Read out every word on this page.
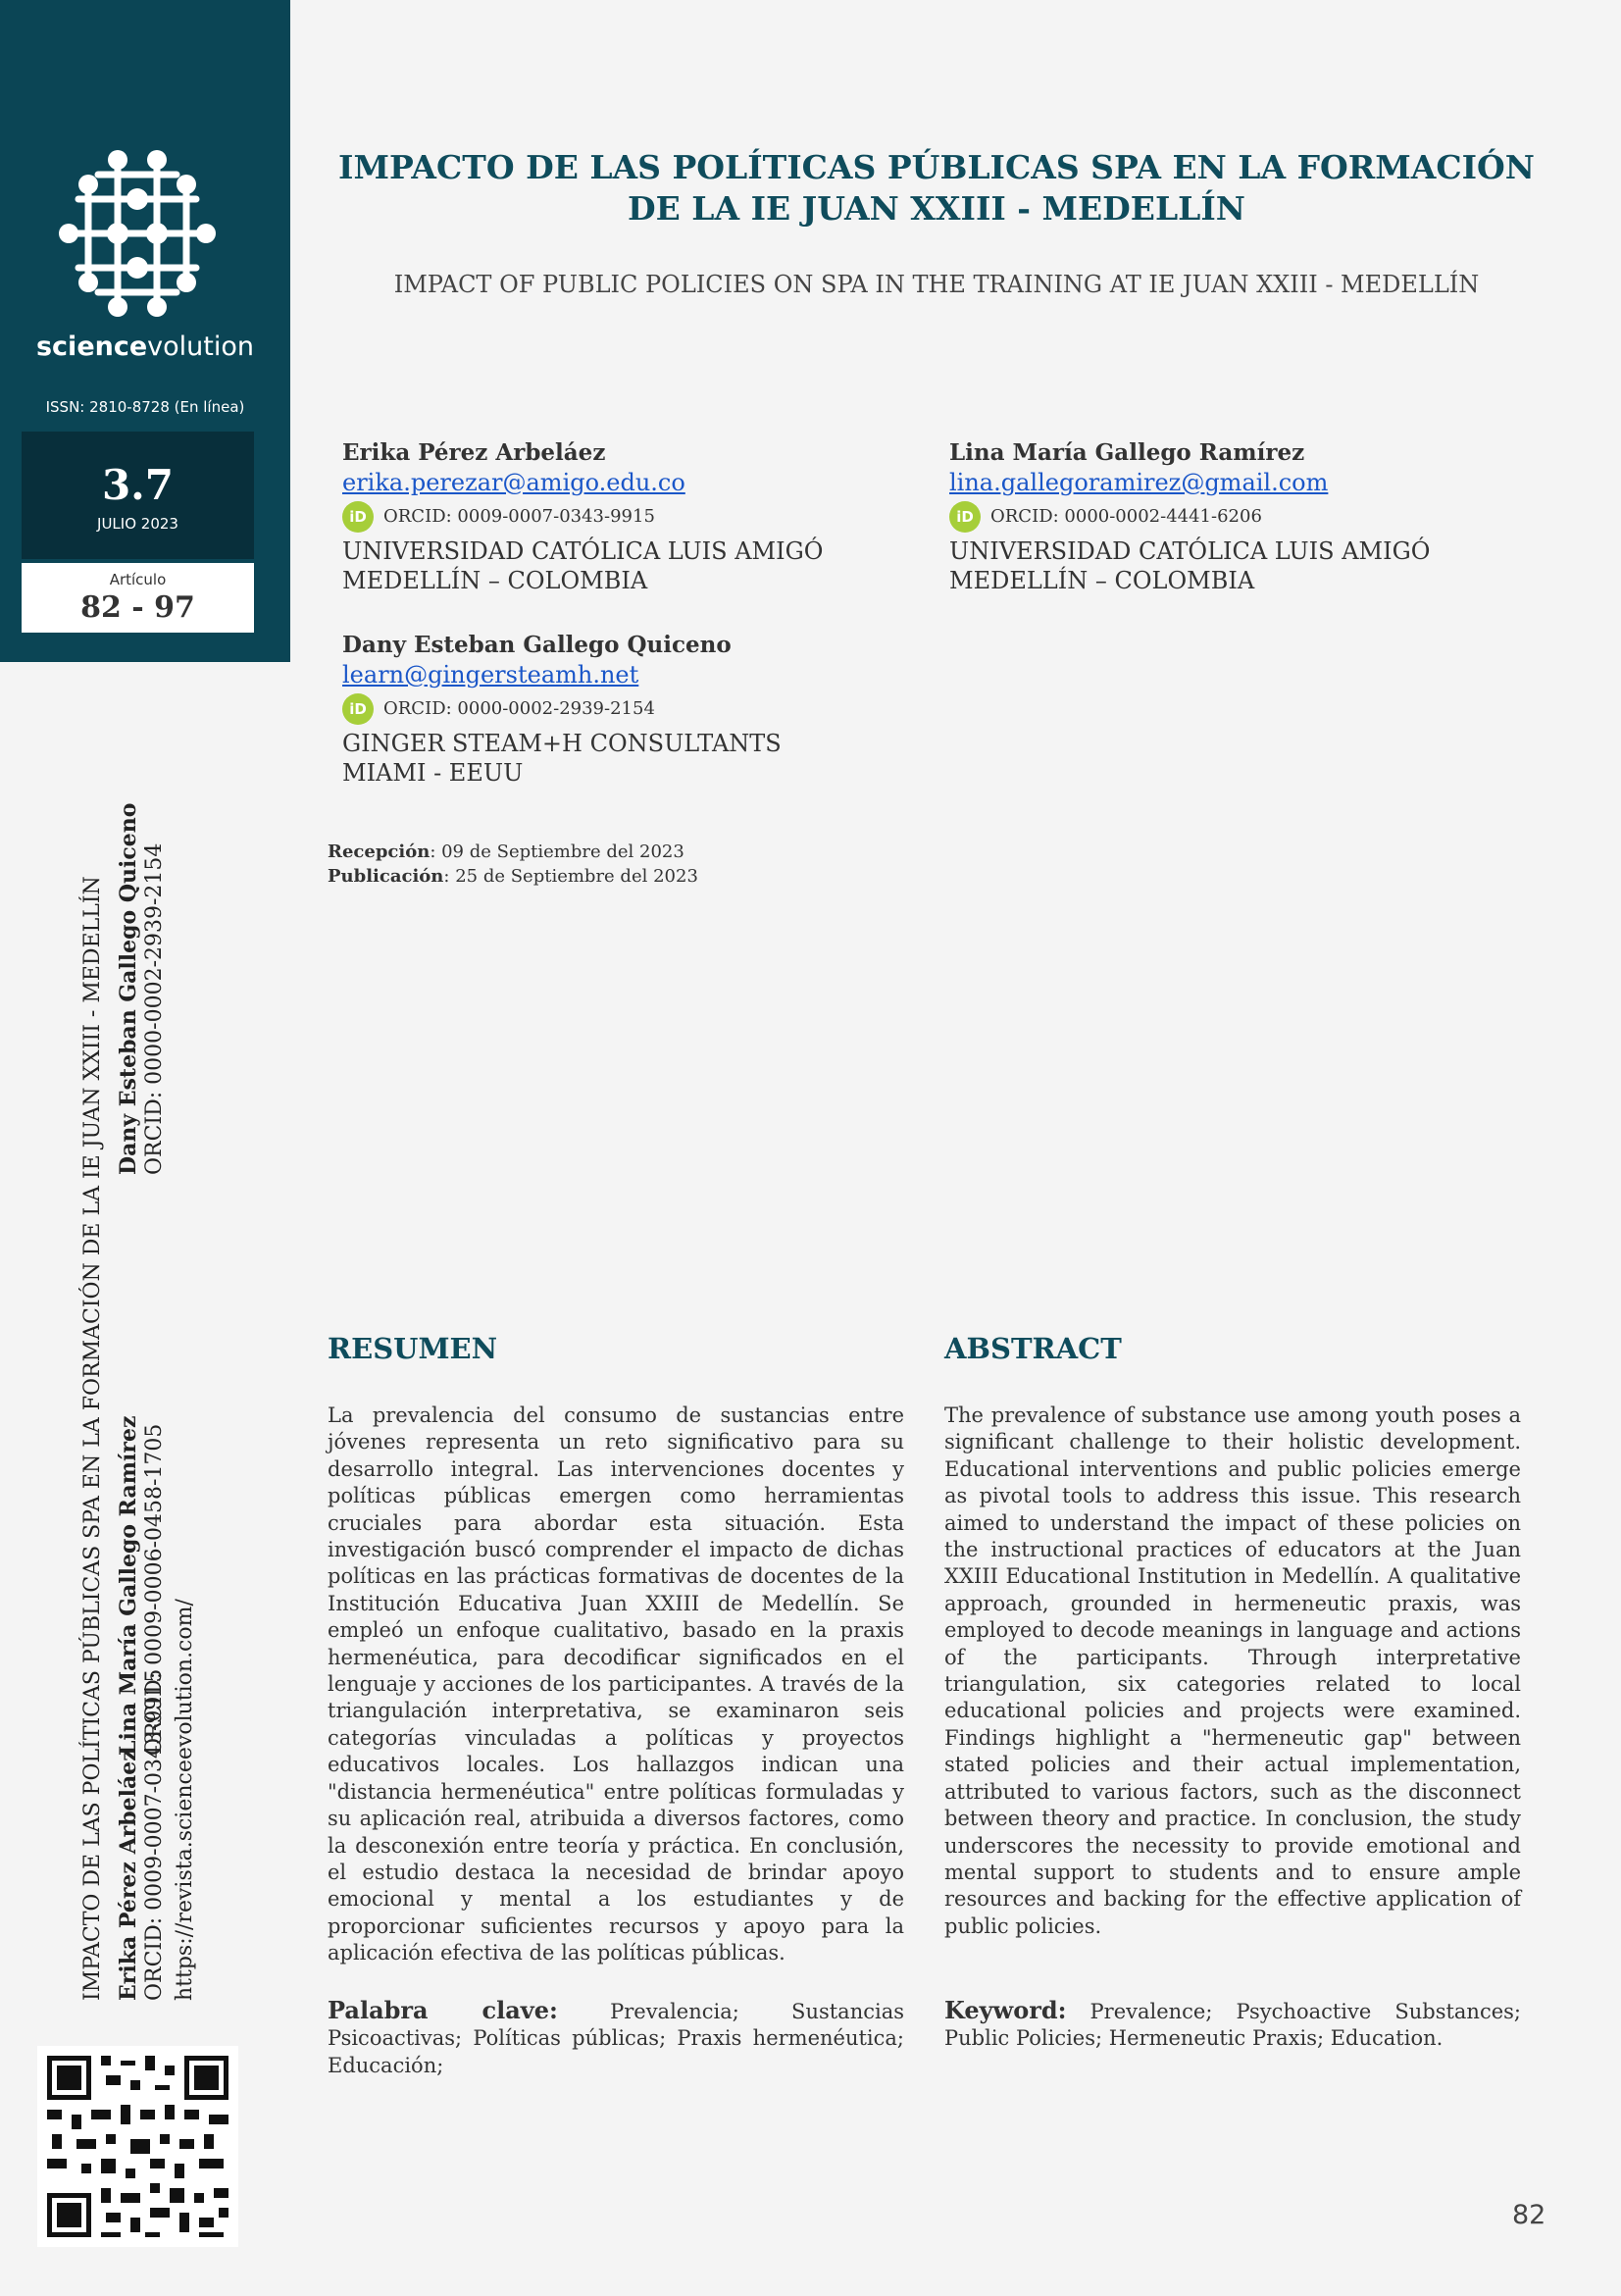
sciencevolution
ISSN: 2810-8728 (En línea)
3.7
JULIO 2023
Artículo
82 - 97
IMPACTO DE LAS POLÍTICAS PÚBLICAS SPA EN LA FORMACIÓN DE LA IE JUAN XXIII - MEDELLÍN
IMPACT OF PUBLIC POLICIES ON SPA IN THE TRAINING AT IE JUAN XXIII - MEDELLÍN
Erika Pérez Arbeláez
erika.perezar@amigo.edu.co
iD ORCID: 0009-0007-0343-9915
UNIVERSIDAD CATÓLICA LUIS AMIGÓ
MEDELLÍN – COLOMBIA
Lina María Gallego Ramírez
lina.gallegoramirez@gmail.com
iD ORCID: 0000-0002-4441-6206
UNIVERSIDAD CATÓLICA LUIS AMIGÓ
MEDELLÍN – COLOMBIA
Dany Esteban Gallego Quiceno
learn@gingersteamh.net
iD ORCID: 0000-0002-2939-2154
GINGER STEAM+H CONSULTANTS
MIAMI - EEUU
Recepción: 09 de Septiembre del 2023
Publicación: 25 de Septiembre del 2023
RESUMEN
La prevalencia del consumo de sustancias entre jóvenes representa un reto significativo para su desarrollo integral. Las intervenciones docentes y políticas públicas emergen como herramientas cruciales para abordar esta situación. Esta investigación buscó comprender el impacto de dichas políticas en las prácticas formativas de docentes de la Institución Educativa Juan XXIII de Medellín. Se empleó un enfoque cualitativo, basado en la praxis hermenéutica, para decodificar significados en el lenguaje y acciones de los participantes. A través de la triangulación interpretativa, se examinaron seis categorías vinculadas a políticas y proyectos educativos locales. Los hallazgos indican una "distancia hermenéutica" entre políticas formuladas y su aplicación real, atribuida a diversos factores, como la desconexión entre teoría y práctica. En conclusión, el estudio destaca la necesidad de brindar apoyo emocional y mental a los estudiantes y de proporcionar suficientes recursos y apoyo para la aplicación efectiva de las políticas públicas.
Palabra clave: Prevalencia; Sustancias Psicoactivas; Políticas públicas; Praxis hermenéutica; Educación;
ABSTRACT
The prevalence of substance use among youth poses a significant challenge to their holistic development. Educational interventions and public policies emerge as pivotal tools to address this issue. This research aimed to understand the impact of these policies on the instructional practices of educators at the Juan XXIII Educational Institution in Medellín. A qualitative approach, grounded in hermeneutic praxis, was employed to decode meanings in language and actions of the participants. Through interpretative triangulation, six categories related to local educational policies and projects were examined. Findings highlight a "hermeneutic gap" between stated policies and their actual implementation, attributed to various factors, such as the disconnect between theory and practice. In conclusion, the study underscores the necessity to provide emotional and mental support to students and to ensure ample resources and backing for the effective application of public policies.
Keyword: Prevalence; Psychoactive Substances; Public Policies; Hermeneutic Praxis; Education.
IMPACTO DE LAS POLÍTICAS PÚBLICAS SPA EN LA FORMACIÓN DE LA IE JUAN XXIII - MEDELLÍN Erika Pérez Arbeláez ORCID: 0009-0007-0343-9915
Lina María Gallego Ramírez ORCID: 0009-0006-0458-1705
Dany Esteban Gallego Quiceno ORCID: 0000-0002-2939-2154
https://revista.scienceevolution.com/
82
